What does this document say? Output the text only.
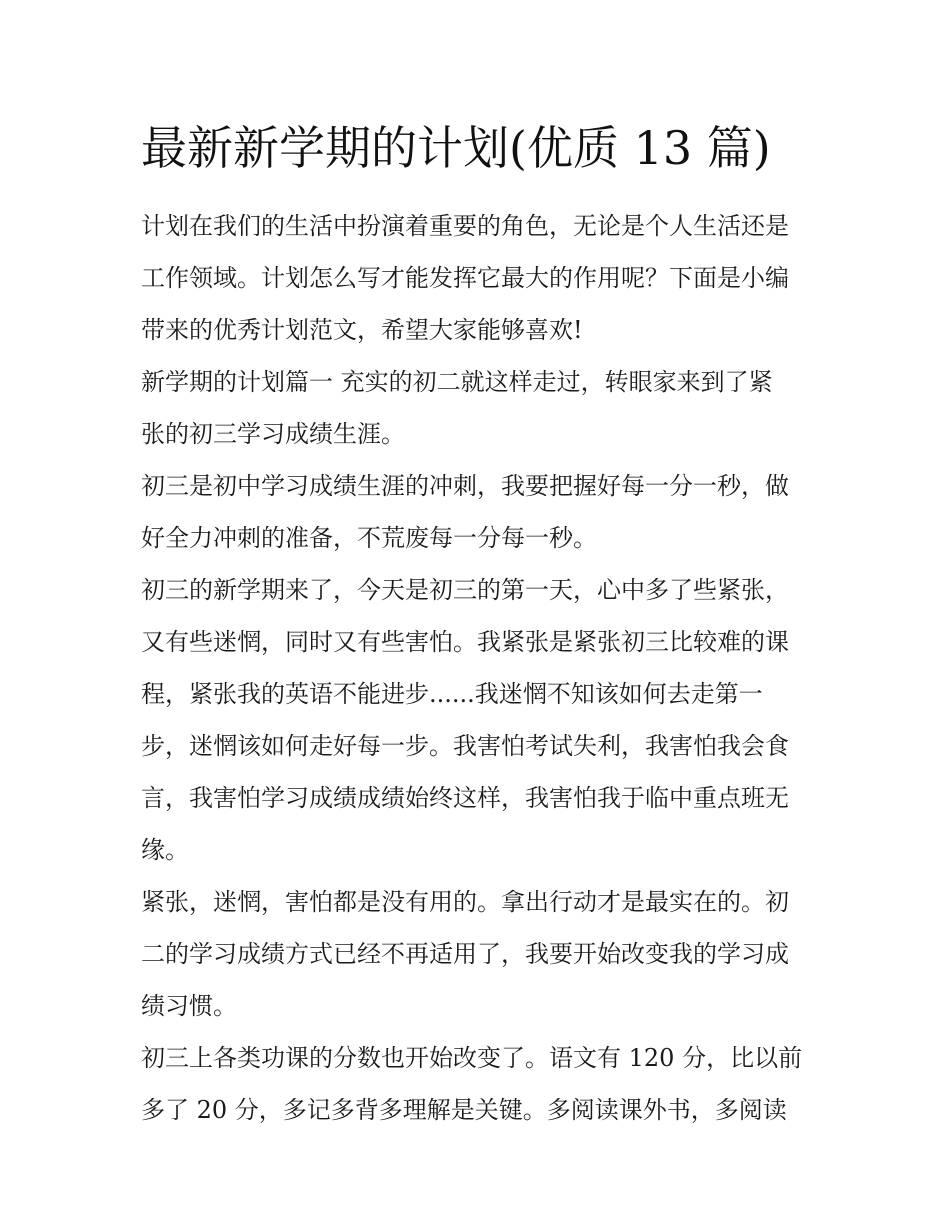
最新新学期的计划(优质 13 篇)

计划在我们的生活中扮演着重要的角色，无论是个人生活还是
工作领域。计划怎么写才能发挥它最大的作用呢？下面是小编
带来的优秀计划范文，希望大家能够喜欢!

新学期的计划篇一 充实的初二就这样走过，转眼家来到了紧
张的初三学习成绩生涯。

初三是初中学习成绩生涯的冲刺，我要把握好每一分一秒，做
好全力冲刺的准备，不荒废每一分每一秒。

初三的新学期来了，今天是初三的第一天，心中多了些紧张，
又有些迷惘，同时又有些害怕。我紧张是紧张初三比较难的课
程，紧张我的英语不能进步......我迷惘不知该如何去走第一
步，迷惘该如何走好每一步。我害怕考试失利，我害怕我会食
言，我害怕学习成绩成绩始终这样，我害怕我于临中重点班无
缘。

紧张，迷惘，害怕都是没有用的。拿出行动才是最实在的。初
二的学习成绩方式已经不再适用了，我要开始改变我的学习成
绩习惯。

初三上各类功课的分数也开始改变了。语文有 120 分，比以前
多了 20 分，多记多背多理解是关键。多阅读课外书，多阅读
